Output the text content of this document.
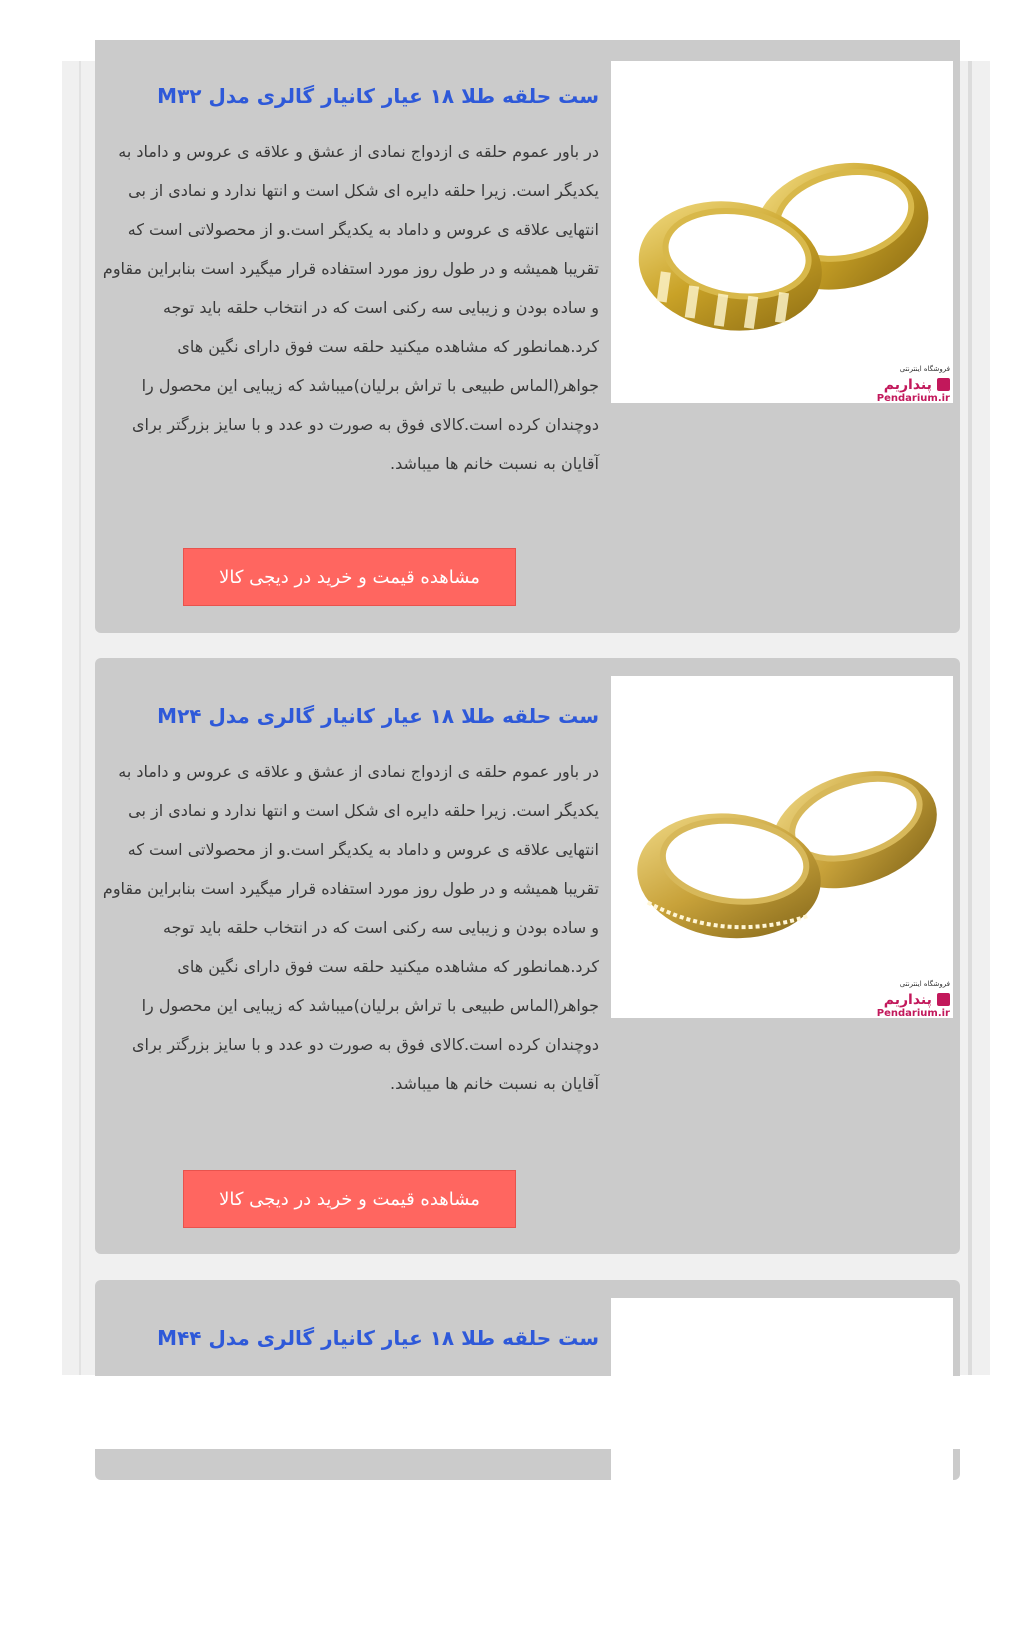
فروشگاه اینترنتی
پنداریم
Pendarium.ir
ست حلقه طلا ۱۸ عیار کانیار گالری مدل M۳۲
در باور عموم حلقه ی ازدواج نمادی از عشق و علاقه ی عروس و داماد به یکدیگر است. زیرا حلقه دایره ای شکل است و انتها ندارد و نمادی از بی انتهایی علاقه ی عروس و داماد به یکدیگر است.و از محصولاتی است که تقریبا همیشه و در طول روز مورد استفاده قرار میگیرد است بنابراین مقاوم و ساده بودن و زیبایی سه رکنی است که در انتخاب حلقه باید توجه کرد.همانطور که مشاهده میکنید حلقه ست فوق دارای نگین های جواهر(الماس طبیعی با تراش برلیان)میباشد که زیبایی این محصول را دوچندان کرده است.کالای فوق به صورت دو عدد و با سایز بزرگتر برای آقایان به نسبت خانم ها میباشد.
مشاهده قیمت و خرید در دیجی کالا
فروشگاه اینترنتی
پنداریم
Pendarium.ir
ست حلقه طلا ۱۸ عیار کانیار گالری مدل M۲۴
در باور عموم حلقه ی ازدواج نمادی از عشق و علاقه ی عروس و داماد به یکدیگر است. زیرا حلقه دایره ای شکل است و انتها ندارد و نمادی از بی انتهایی علاقه ی عروس و داماد به یکدیگر است.و از محصولاتی است که تقریبا همیشه و در طول روز مورد استفاده قرار میگیرد است بنابراین مقاوم و ساده بودن و زیبایی سه رکنی است که در انتخاب حلقه باید توجه کرد.همانطور که مشاهده میکنید حلقه ست فوق دارای نگین های جواهر(الماس طبیعی با تراش برلیان)میباشد که زیبایی این محصول را دوچندان کرده است.کالای فوق به صورت دو عدد و با سایز بزرگتر برای آقایان به نسبت خانم ها میباشد.
مشاهده قیمت و خرید در دیجی کالا
ست حلقه طلا ۱۸ عیار کانیار گالری مدل M۴۴
